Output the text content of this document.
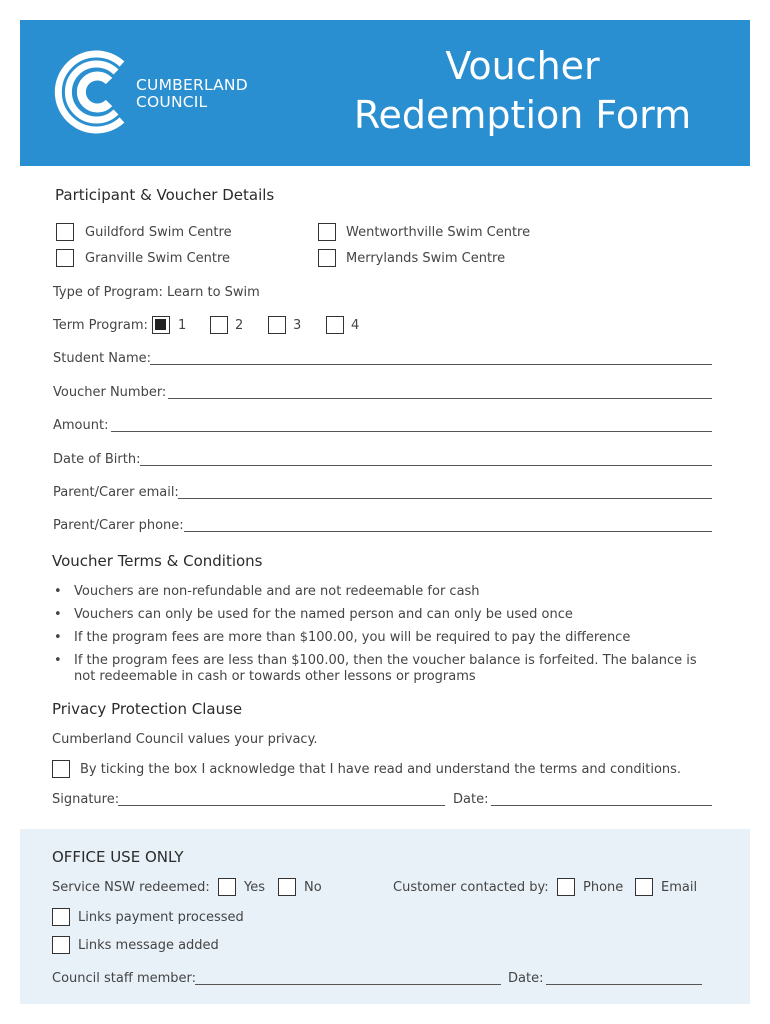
CUMBERLAND
COUNCIL
Voucher
Redemption Form
Participant & Voucher Details
Guildford Swim Centre	Wentworthville Swim Centre
Granville Swim Centre	Merrylands Swim Centre
Type of Program: Learn to Swim
Term Program: 1	2	3	4
Student Name:
Voucher Number:
Amount:
Date of Birth:
Parent/Carer email:
Parent/Carer phone:
Voucher Terms & Conditions
• Vouchers are non-refundable and are not redeemable for cash
• Vouchers can only be used for the named person and can only be used once
• If the program fees are more than $100.00, you will be required to pay the difference
• If the program fees are less than $100.00, then the voucher balance is forfeited. The balance is not redeemable in cash or towards other lessons or programs
Privacy Protection Clause
Cumberland Council values your privacy.
By ticking the box I acknowledge that I have read and understand the terms and conditions.
Signature:	Date:
OFFICE USE ONLY
Service NSW redeemed:	Yes	No	Customer contacted by:	Phone	Email
Links payment processed
Links message added
Council staff member:	Date:
